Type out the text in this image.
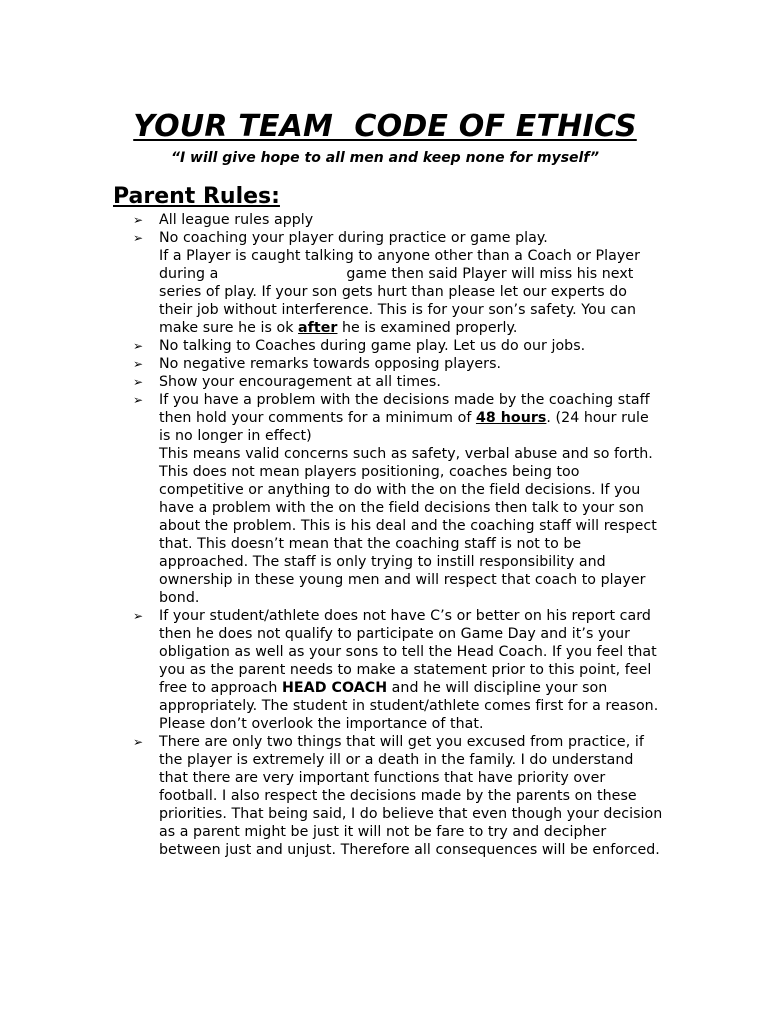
YOUR TEAM  CODE OF ETHICS
“I will give hope to all men and keep none for myself”
Parent Rules:
➢	All league rules apply
➢	No coaching your player during practice or game play.
If a Player is caught talking to anyone other than a Coach or Player during a	game then said Player will miss his next series of play. If your son gets hurt than please let our experts do their job without interference. This is for your son’s safety. You can make sure he is ok after he is examined properly.
➢	No talking to Coaches during game play. Let us do our jobs.
➢	No negative remarks towards opposing players.
➢	Show your encouragement at all times.
➢	If you have a problem with the decisions made by the coaching staff then hold your comments for a minimum of 48 hours. (24 hour rule is no longer in effect)
This means valid concerns such as safety, verbal abuse and so forth. This does not mean players positioning, coaches being too competitive or anything to do with the on the field decisions. If you have a problem with the on the field decisions then talk to your son about the problem. This is his deal and the coaching staff will respect that. This doesn’t mean that the coaching staff is not to be approached. The staff is only trying to instill responsibility and ownership in these young men and will respect that coach to player bond.
➢	If your student/athlete does not have C’s or better on his report card then he does not qualify to participate on Game Day and it’s your obligation as well as your sons to tell the Head Coach. If you feel that you as the parent needs to make a statement prior to this point, feel free to approach HEAD COACH and he will discipline your son appropriately. The student in student/athlete comes first for a reason. Please don’t overlook the importance of that.
➢	There are only two things that will get you excused from practice, if the player is extremely ill or a death in the family. I do understand that there are very important functions that have priority over football. I also respect the decisions made by the parents on these priorities. That being said, I do believe that even though your decision as a parent might be just it will not be fare to try and decipher between just and unjust. Therefore all consequences will be enforced.
